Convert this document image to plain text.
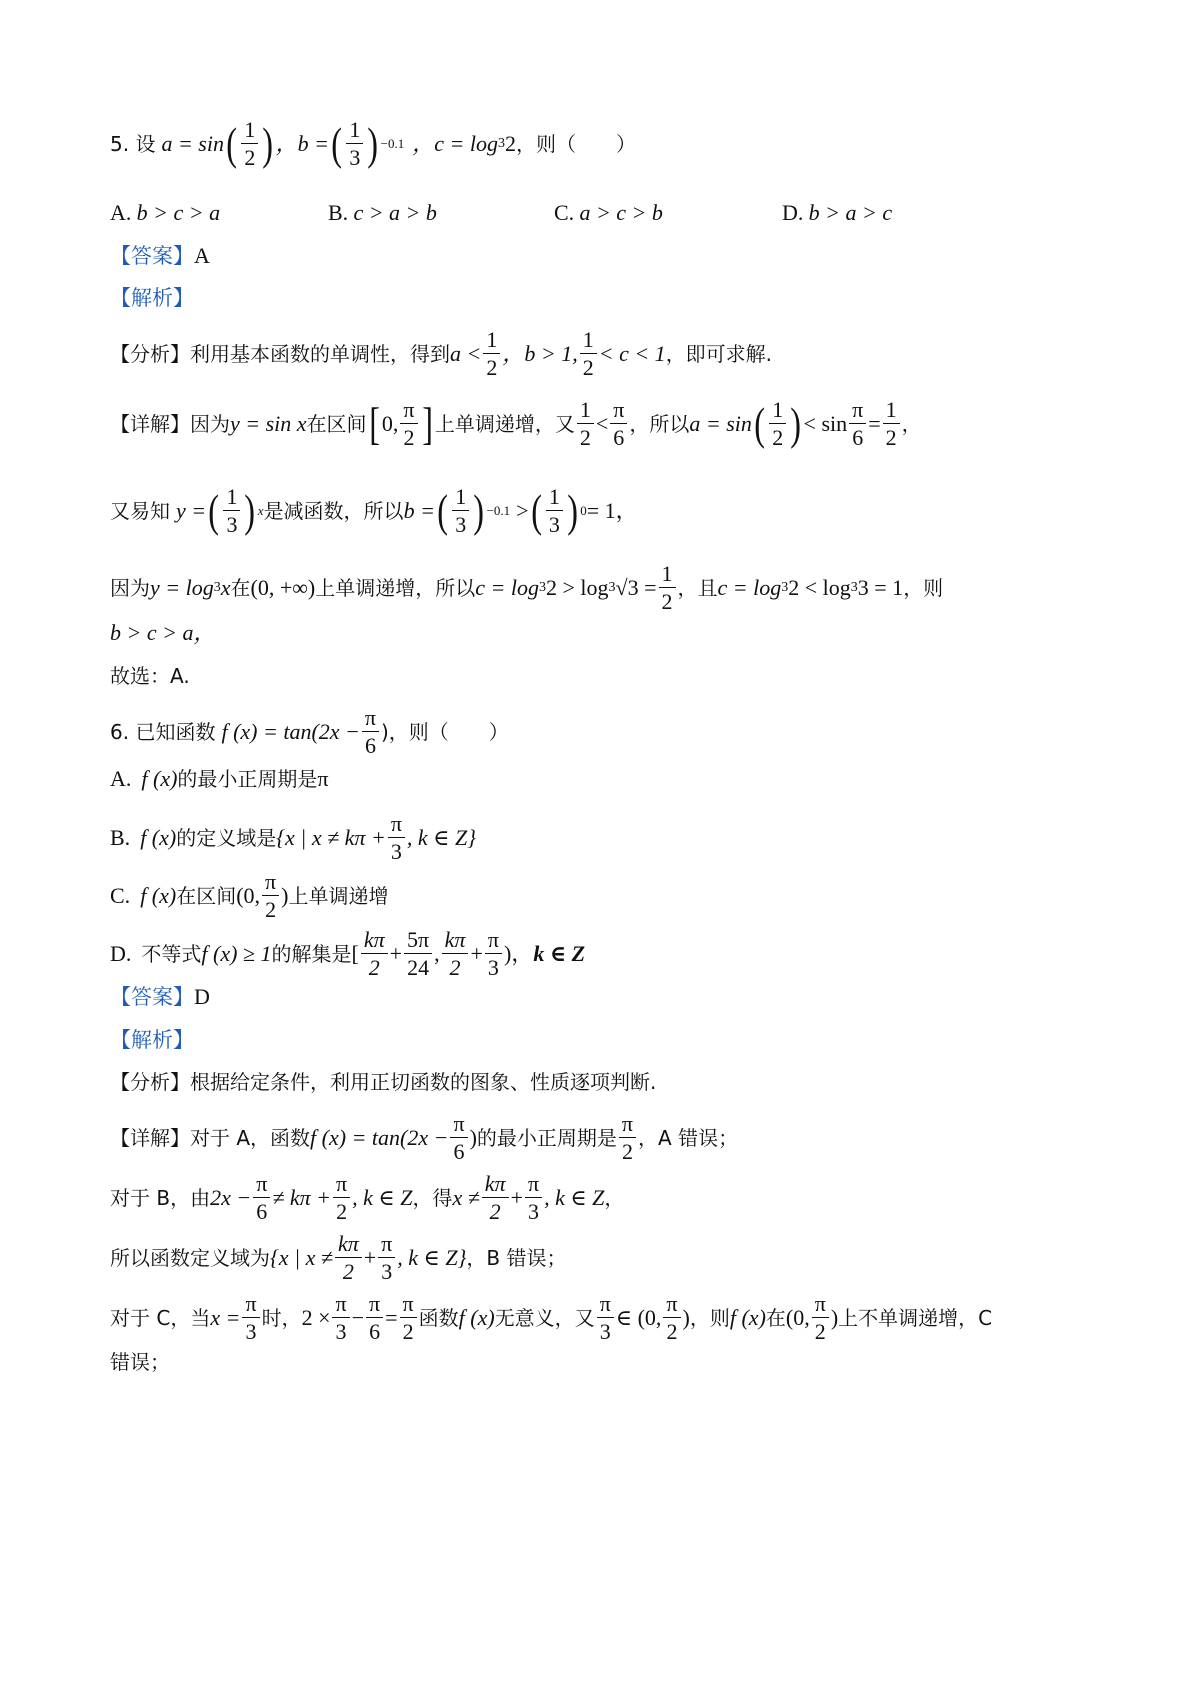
5. 设 a = sin ( $\frac{1}{2}$ ) ，b = ( $\frac{1}{3}$ ) −0.1 ，c = log 3 2 ，则（　　）
A. b > c > a	B. c > a > b	C. a > c > b	D. b > a > c
【答案】A
【解析】
【分析】 利用基本函数的单调性，得到 $a < \frac{1}{2}$ ，b > 1, $\frac{1}{2} < c < 1$ ，即可求解.
【详解】 因为 y = sin x 在区间 [ 0, $\frac{\pi}{2}$ ] 上单调递增，又 $\frac{1}{2} < \frac{\pi}{6}$ ，所以 a = sin ( $\frac{1}{2}$ ) < $\sin \frac{\pi}{6} = \frac{1}{2}$ ，
又易知 y = ( $\frac{1}{3}$ ) x 是减函数，所以 b = ( $\frac{1}{3}$ ) −0.1 > ( $\frac{1}{3}$ ) 0 = 1，
因为 y = log 3 x 在 (0, +∞) 上单调递增，所以 c = log 3 2 > log 3 $√3 = \frac{1}{2}$ ，且 c = log 3 2 < log 3 3 = 1 ，则
b > c > a，
故选：A.
6. 已知函数 f $(x) = \tan(2x - \frac{\pi}{6}$ )，则（　　）
A. f (x) 的最小正周期是 π
B. f (x) 的定义域是 {x | $x \ne k\pi + \frac{\pi}{3}$ , k ∈ Z}
C. f (x) 在区间 (0, $\frac{\pi}{2}$ ) 上单调递增
D. 不等式 f (x) ≥ 1 的解集是 [ $\frac{k\pi}{2} + \frac{5\pi}{24}$ , $\frac{k\pi}{2} + \frac{\pi}{3}$ )， k ∈ Z
【答案】D
【解析】
【分析】根据给定条件，利用正切函数的图象、性质逐项判断.
【详解】 对于 A，函数 f $(x) = \tan(2x - \frac{\pi}{6}$ ) 的最小正周期是 $\frac{\pi}{2}$ ，A 错误；
对于 B，由 $2x - \frac{\pi}{6} \ne k\pi + \frac{\pi}{2}$ , k ∈ Z ，得 $x \ne \frac{k\pi}{2} + \frac{\pi}{3}$ , k ∈ Z ，
所以函数定义域为 {x | $x \ne \frac{k\pi}{2} + \frac{\pi}{3}$ , k ∈ Z} ，B 错误；
对于 C，当 $x = \frac{\pi}{3}$ 时， $2 \times \frac{\pi}{3} - \frac{\pi}{6} = \frac{\pi}{2}$ 函数 f (x) 无意义，又 $\frac{\pi}{3}$ ∈ (0, $\frac{\pi}{2}$ ) ，则 f (x) 在 (0, $\frac{\pi}{2}$ ) 上不单调递增，C
错误；
